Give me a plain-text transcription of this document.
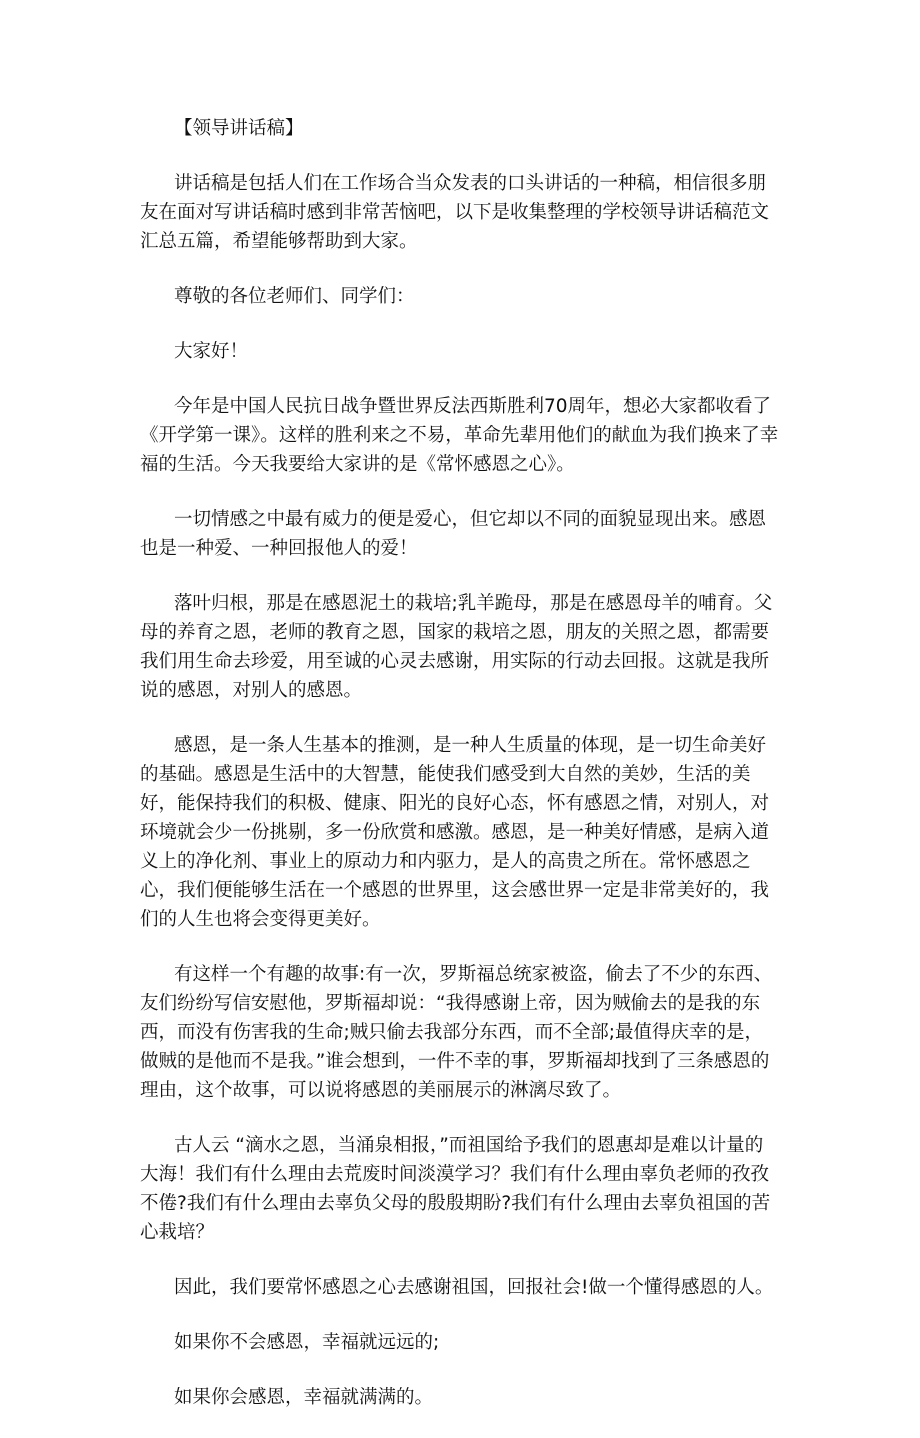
【领导讲话稿】

讲话稿是包括人们在工作场合当众发表的口头讲话的一种稿，相信很多朋友在面对写讲话稿时感到非常苦恼吧，以下是收集整理的学校领导讲话稿范文汇总五篇，希望能够帮助到大家。

尊敬的各位老师们、同学们：

大家好！

今年是中国人民抗日战争暨世界反法西斯胜利70周年，想必大家都收看了《开学第一课》。这样的胜利来之不易，革命先辈用他们的献血为我们换来了幸福的生活。今天我要给大家讲的是《常怀感恩之心》。

一切情感之中最有威力的便是爱心，但它却以不同的面貌显现出来。感恩也是一种爱、一种回报他人的爱！

落叶归根，那是在感恩泥土的栽培;乳羊跪母，那是在感恩母羊的哺育。父母的养育之恩，老师的教育之恩，国家的栽培之恩，朋友的关照之恩，都需要我们用生命去珍爱，用至诚的心灵去感谢，用实际的行动去回报。这就是我所说的感恩，对别人的感恩。

感恩，是一条人生基本的推测，是一种人生质量的体现，是一切生命美好的基础。感恩是生活中的大智慧，能使我们感受到大自然的美妙，生活的美好，能保持我们的积极、健康、阳光的良好心态，怀有感恩之情，对别人，对环境就会少一份挑剔，多一份欣赏和感激。感恩，是一种美好情感，是病入道义上的净化剂、事业上的原动力和内驱力，是人的高贵之所在。常怀感恩之心，我们便能够生活在一个感恩的世界里，这会感世界一定是非常美好的，我们的人生也将会变得更美好。

有这样一个有趣的故事:有一次，罗斯福总统家被盗，偷去了不少的东西、友们纷纷写信安慰他，罗斯福却说：“我得感谢上帝，因为贼偷去的是我的东西，而没有伤害我的生命;贼只偷去我部分东西，而不全部;最值得庆幸的是，做贼的是他而不是我。”谁会想到，一件不幸的事，罗斯福却找到了三条感恩的理由，这个故事，可以说将感恩的美丽展示的淋漓尽致了。

古人云 “滴水之恩，当涌泉相报，”而祖国给予我们的恩惠却是难以计量的大海！我们有什么理由去荒废时间淡漠学习？我们有什么理由辜负老师的孜孜不倦?我们有什么理由去辜负父母的殷殷期盼?我们有什么理由去辜负祖国的苦心栽培？

因此，我们要常怀感恩之心去感谢祖国，回报社会!做一个懂得感恩的人。

如果你不会感恩，幸福就远远的;

如果你会感恩，幸福就满满的。
